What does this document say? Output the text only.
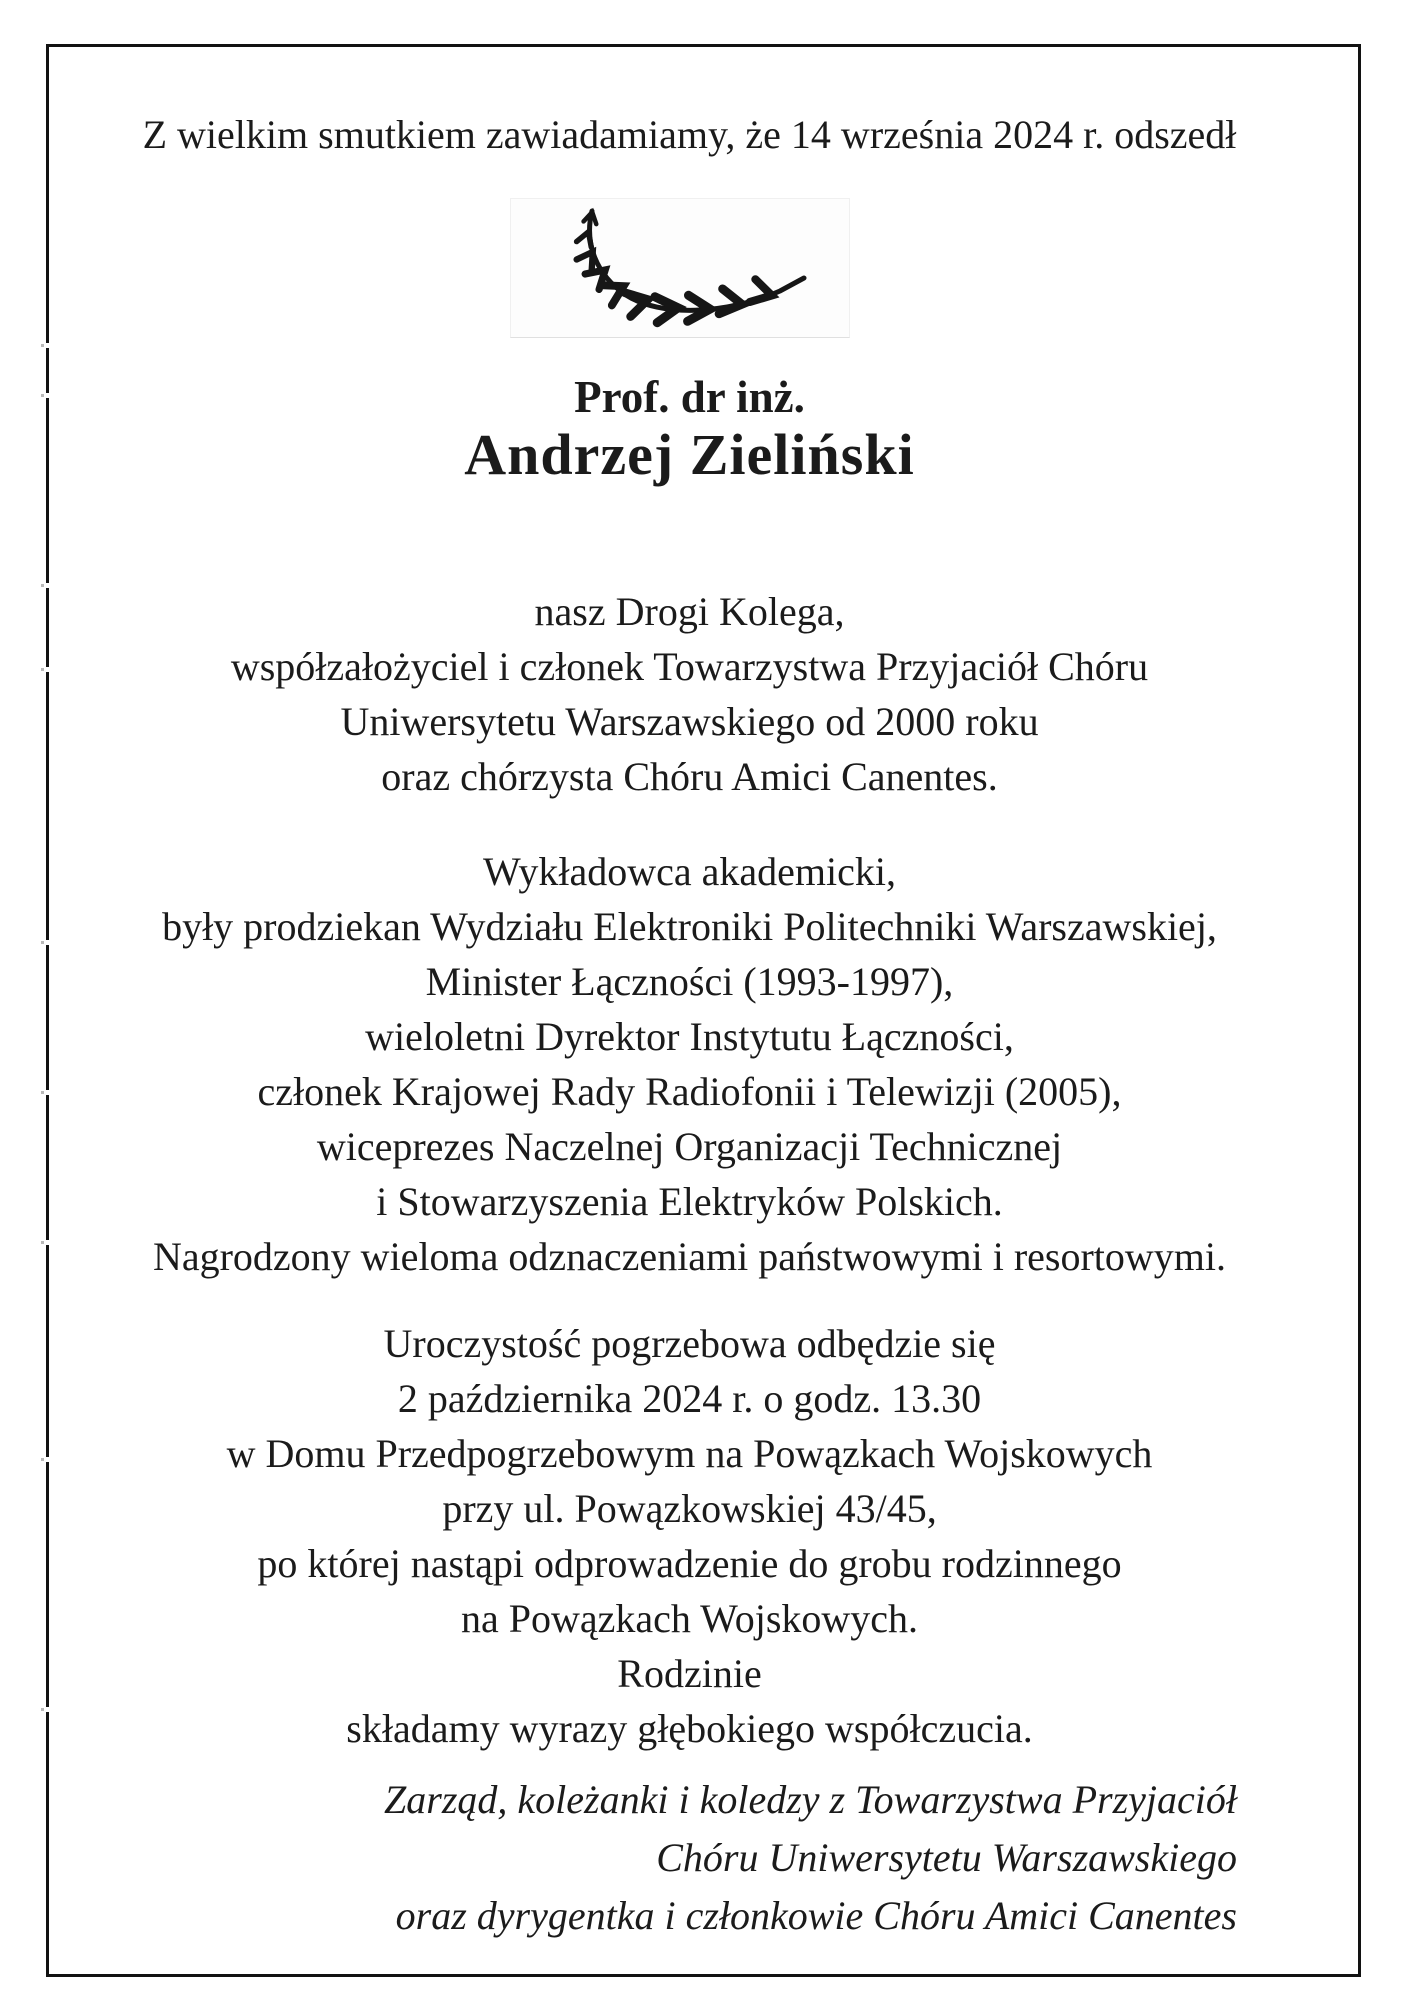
Z wielkim smutkiem zawiadamiamy, że 14 września 2024 r. odszedł
Prof. dr inż.
Andrzej Zieliński
nasz Drogi Kolega,
współzałożyciel i członek Towarzystwa Przyjaciół Chóru
Uniwersytetu Warszawskiego od 2000 roku
oraz chórzysta Chóru Amici Canentes.
Wykładowca akademicki,
były prodziekan Wydziału Elektroniki Politechniki Warszawskiej,
Minister Łączności (1993-1997),
wieloletni Dyrektor Instytutu Łączności,
członek Krajowej Rady Radiofonii i Telewizji (2005),
wiceprezes Naczelnej Organizacji Technicznej
i Stowarzyszenia Elektryków Polskich.
Nagrodzony wieloma odznaczeniami państwowymi i resortowymi.
Uroczystość pogrzebowa odbędzie się
2 października 2024 r. o godz. 13.30
w Domu Przedpogrzebowym na Powązkach Wojskowych
przy ul. Powązkowskiej 43/45,
po której nastąpi odprowadzenie do grobu rodzinnego
na Powązkach Wojskowych.
Rodzinie
składamy wyrazy głębokiego współczucia.
Zarząd, koleżanki i koledzy z Towarzystwa Przyjaciół
Chóru Uniwersytetu Warszawskiego
oraz dyrygentka i członkowie Chóru Amici Canentes
